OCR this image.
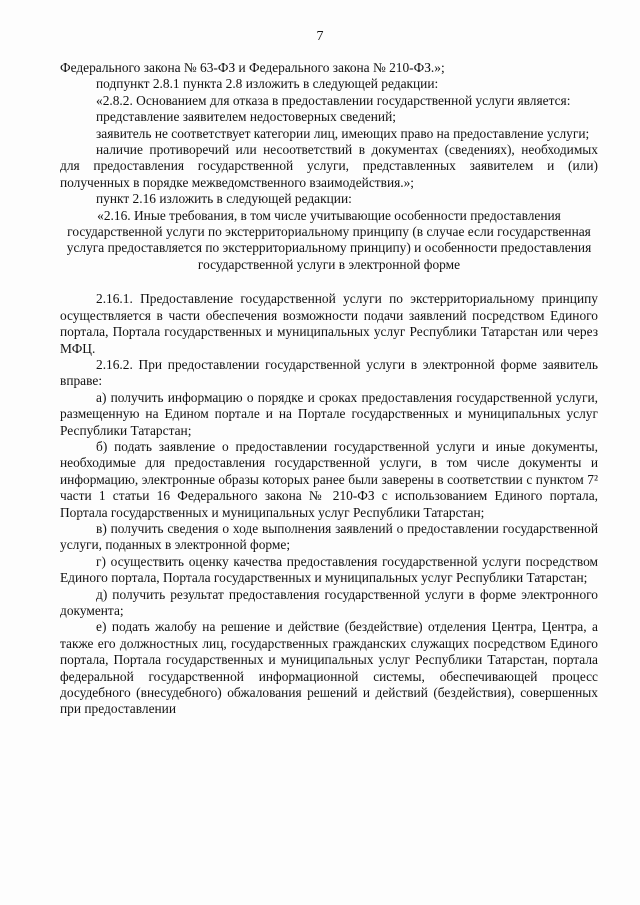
7

Федерального закона № 63-ФЗ и Федерального закона № 210-ФЗ.»;

подпункт 2.8.1 пункта 2.8 изложить в следующей редакции:

«2.8.2. Основанием для отказа в предоставлении государственной услуги является:

представление заявителем недостоверных сведений;

заявитель не соответствует категории лиц, имеющих право на предоставление услуги;

наличие противоречий или несоответствий в документах (сведениях), необходимых для предоставления государственной услуги, представленных заявителем и (или) полученных в порядке межведомственного взаимодействия.»;

пункт 2.16 изложить в следующей редакции:

«2.16. Иные требования, в том числе учитывающие особенности предоставления государственной услуги по экстерриториальному принципу (в случае если государственная услуга предоставляется по экстерриториальному принципу) и особенности предоставления государственной услуги в электронной форме

2.16.1. Предоставление государственной услуги по экстерриториальному принципу осуществляется в части обеспечения возможности подачи заявлений посредством Единого портала, Портала государственных и муниципальных услуг Республики Татарстан или через МФЦ.

2.16.2. При предоставлении государственной услуги в электронной форме заявитель вправе:

а) получить информацию о порядке и сроках предоставления государственной услуги, размещенную на Едином портале и на Портале государственных и муниципальных услуг Республики Татарстан;

б) подать заявление о предоставлении государственной услуги и иные документы, необходимые для предоставления государственной услуги, в том числе документы и информацию, электронные образы которых ранее были заверены в соответствии с пунктом 7² части 1 статьи 16 Федерального закона № 210-ФЗ с использованием Единого портала, Портала государственных и муниципальных услуг Республики Татарстан;

в) получить сведения о ходе выполнения заявлений о предоставлении государственной услуги, поданных в электронной форме;

г) осуществить оценку качества предоставления государственной услуги посредством Единого портала, Портала государственных и муниципальных услуг Республики Татарстан;

д) получить результат предоставления государственной услуги в форме электронного документа;

е) подать жалобу на решение и действие (бездействие) отделения Центра, Центра, а также его должностных лиц, государственных гражданских служащих посредством Единого портала, Портала государственных и муниципальных услуг Республики Татарстан, портала федеральной государственной информационной системы, обеспечивающей процесс досудебного (внесудебного) обжалования решений и действий (бездействия), совершенных при предоставлении
